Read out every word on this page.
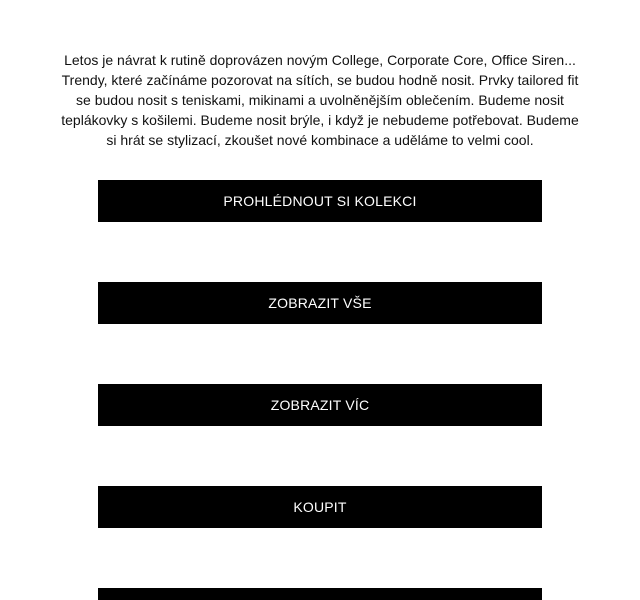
Letos je návrat k rutině doprovázen novým College, Corporate Core, Office Siren... Trendy, které začínáme pozorovat na sítích, se budou hodně nosit. Prvky tailored fit se budou nosit s teniskami, mikinami a uvolněnějším oblečením. Budeme nosit teplákovky s košilemi. Budeme nosit brýle, i když je nebudeme potřebovat. Budeme si hrát se stylizací, zkoušet nové kombinace a uděláme to velmi cool.

PROHLÉDNOUT SI KOLEKCI
ZOBRAZIT VŠE
ZOBRAZIT VÍC
KOUPIT
